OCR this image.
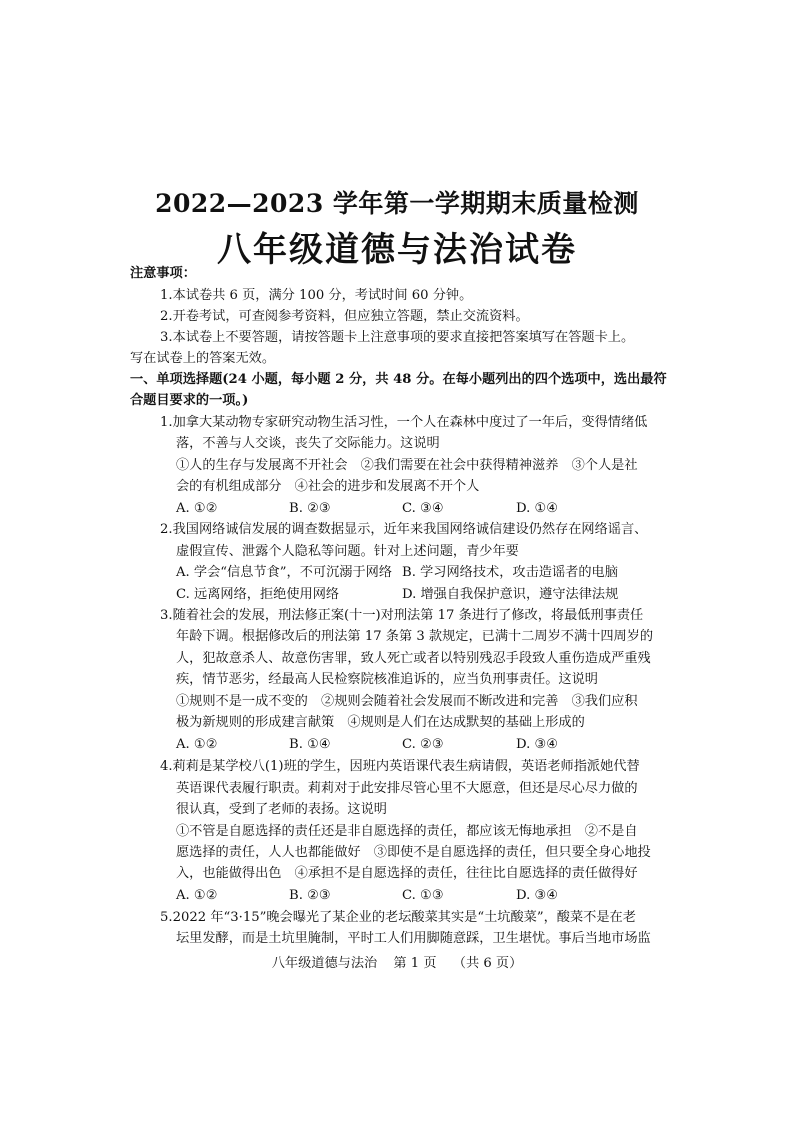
2022—2023 学年第一学期期末质量检测
八年级道德与法治试卷
注意事项：
1.本试卷共 6 页，满分 100 分，考试时间 60 分钟。
2.开卷考试，可查阅参考资料，但应独立答题，禁止交流资料。
3.本试卷上不要答题，请按答题卡上注意事项的要求直接把答案填写在答题卡上。
写在试卷上的答案无效。
一、单项选择题(24 小题，每小题 2 分，共 48 分。在每小题列出的四个选项中，选出最符
合题目要求的一项。)
1.加拿大某动物专家研究动物生活习性，一个人在森林中度过了一年后，变得情绪低
落，不善与人交谈，丧失了交际能力。这说明
①人的生存与发展离不开社会　②我们需要在社会中获得精神滋养　③个人是社
会的有机组成部分　④社会的进步和发展离不开个人
A. ①②	B. ②③	C. ③④	D. ①④
2.我国网络诚信发展的调查数据显示，近年来我国网络诚信建设仍然存在网络谣言、
虚假宣传、泄露个人隐私等问题。针对上述问题，青少年要
A. 学会“信息节食”，不可沉溺于网络 B. 学习网络技术，攻击造谣者的电脑
C. 远离网络，拒绝使用网络	D. 增强自我保护意识，遵守法律法规
3.随着社会的发展，刑法修正案(十一)对刑法第 17 条进行了修改，将最低刑事责任
年龄下调。根据修改后的刑法第 17 条第 3 款规定，已满十二周岁不满十四周岁的
人，犯故意杀人、故意伤害罪，致人死亡或者以特别残忍手段致人重伤造成严重残
疾，情节恶劣，经最高人民检察院核准追诉的，应当负刑事责任。这说明
①规则不是一成不变的　②规则会随着社会发展而不断改进和完善　③我们应积
极为新规则的形成建言献策　④规则是人们在达成默契的基础上形成的
A. ①②	B. ①④	C. ②③	D. ③④
4.莉莉是某学校八(1)班的学生，因班内英语课代表生病请假，英语老师指派她代替
英语课代表履行职责。莉莉对于此安排尽管心里不大愿意，但还是尽心尽力做的
很认真，受到了老师的表扬。这说明
①不管是自愿选择的责任还是非自愿选择的责任，都应该无悔地承担　②不是自
愿选择的责任，人人也都能做好　③即使不是自愿选择的责任，但只要全身心地投
入，也能做得出色　④承担不是自愿选择的责任，往往比自愿选择的责任做得好
A. ①②	B. ②③	C. ①③	D. ③④
5.2022 年“3·15”晚会曝光了某企业的老坛酸菜其实是“土坑酸菜”，酸菜不是在老
坛里发酵，而是土坑里腌制，平时工人们用脚随意踩，卫生堪忧。事后当地市场监
八年级道德与法治 第 1 页 （共 6 页）
